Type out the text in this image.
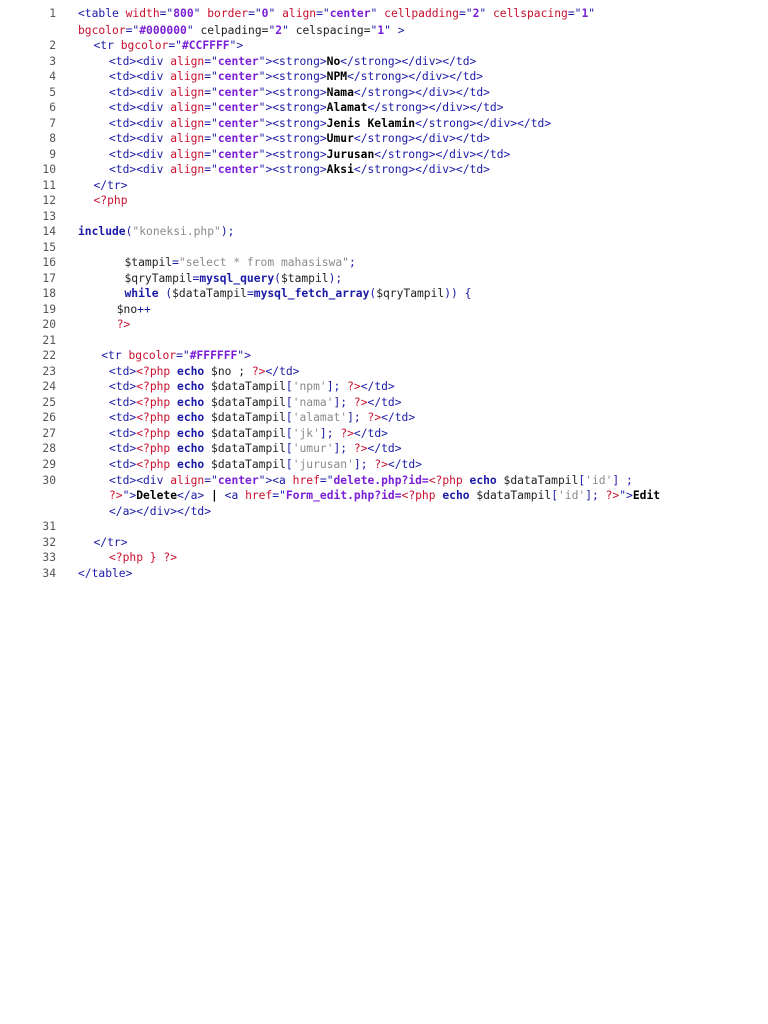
1 <table width="800" border="0" align="center" cellpadding="2" cellspacing="1"
bgcolor="#000000" celpading="2" celspacing="1" >
2	<tr bgcolor="#CCFFFF">
3	<td><div align="center"><strong>No</strong></div></td>
4	<td><div align="center"><strong>NPM</strong></div></td>
5	<td><div align="center"><strong>Nama</strong></div></td>
6	<td><div align="center"><strong>Alamat</strong></div></td>
7	<td><div align="center"><strong>Jenis Kelamin</strong></div></td>
8	<td><div align="center"><strong>Umur</strong></div></td>
9	<td><div align="center"><strong>Jurusan</strong></div></td>
10	<td><div align="center"><strong>Aksi</strong></div></td>
11	</tr>
12	<?php
13
14 include("koneksi.php");
15
16	$tampil="select * from mahasiswa";
17	$qryTampil=mysql_query($tampil);
18	while ($dataTampil=mysql_fetch_array($qryTampil)) {
19	$no++
20	?>
21
22	<tr bgcolor="#FFFFFF">
23	<td><?php echo $no ; ?></td>
24	<td><?php echo $dataTampil['npm']; ?></td>
25	<td><?php echo $dataTampil['nama']; ?></td>
26	<td><?php echo $dataTampil['alamat']; ?></td>
27	<td><?php echo $dataTampil['jk']; ?></td>
28	<td><?php echo $dataTampil['umur']; ?></td>
29	<td><?php echo $dataTampil['jurusan']; ?></td>
30	<td><div align="center"><a href="delete.php?id=<?php echo $dataTampil['id'] ;
?>">Delete</a> | <a href="Form_edit.php?id=<?php echo $dataTampil['id']; ?>">Edit
</a></div></td>
31
32	</tr>
33	<?php } ?>
34 </table>
